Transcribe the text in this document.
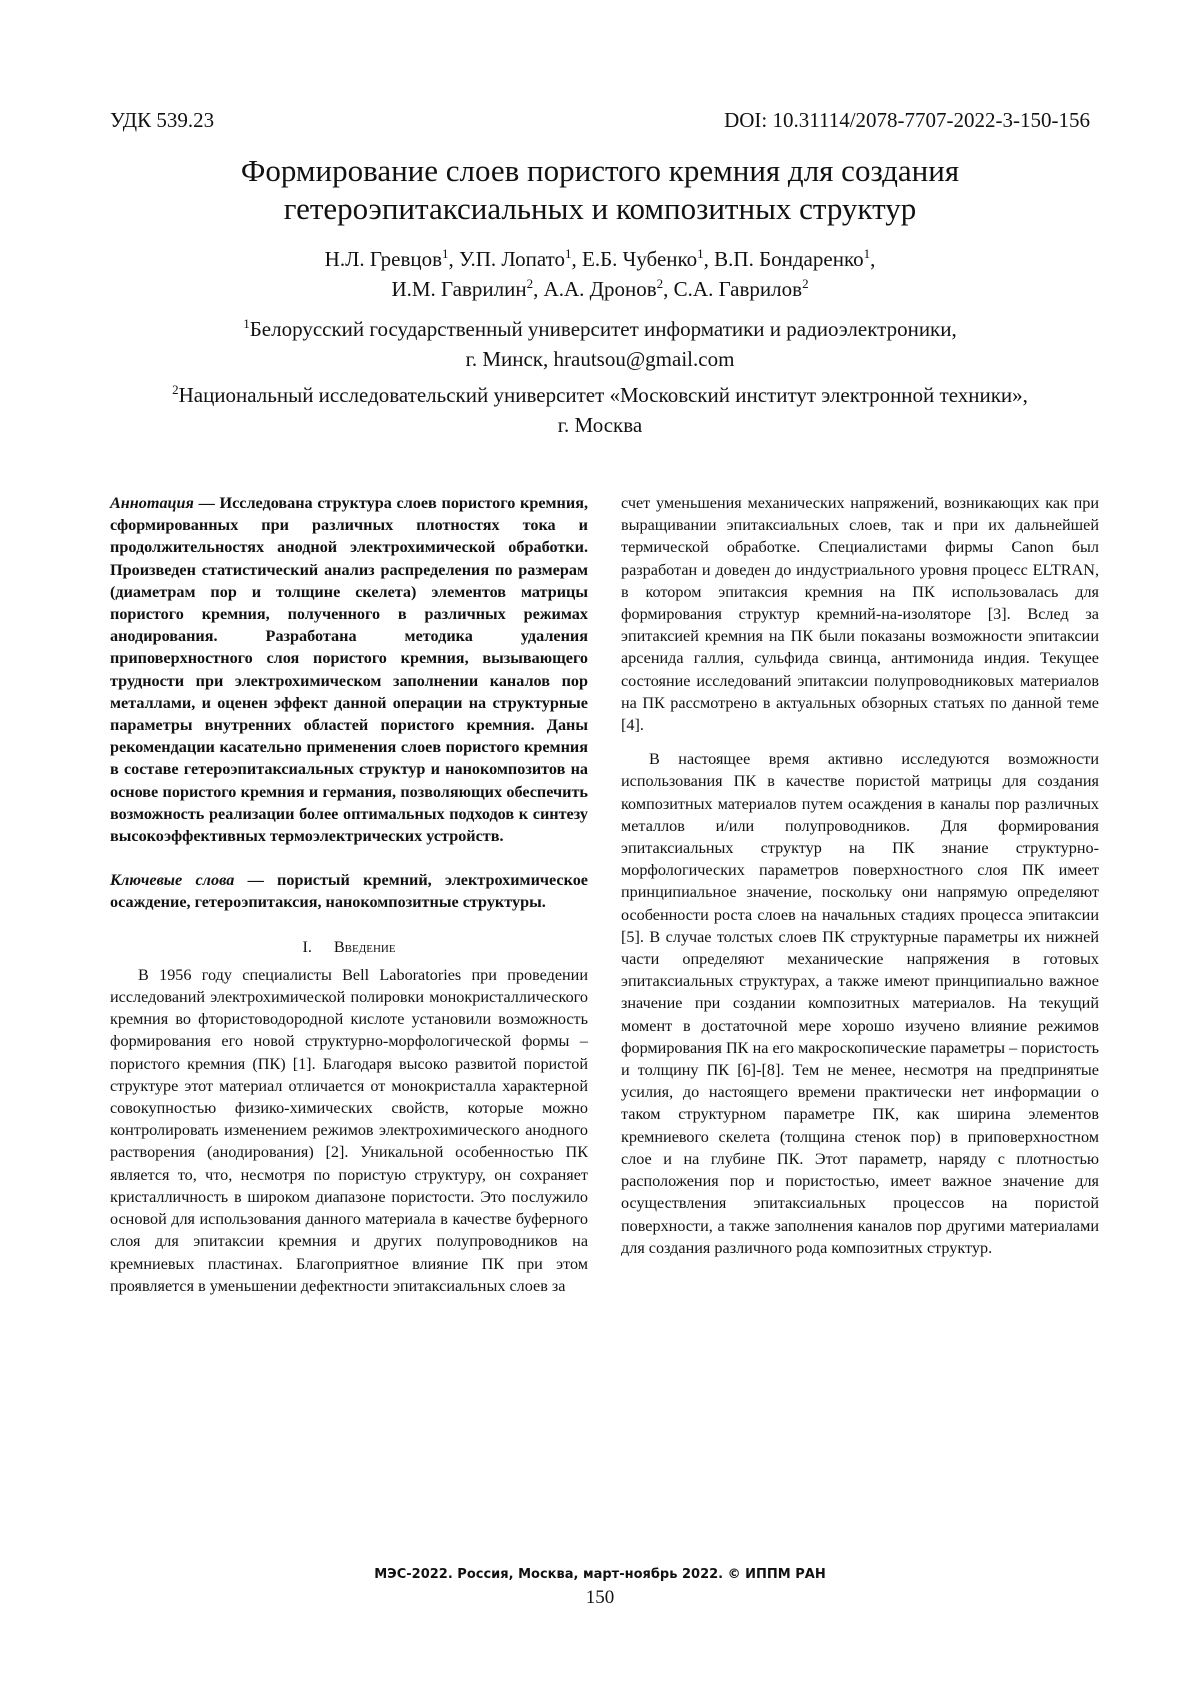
УДК 539.23	DOI: 10.31114/2078-7707-2022-3-150-156
Формирование слоев пористого кремния для создания
гетероэпитаксиальных и композитных структур
Н.Л. Гревцов$^1$, У.П. Лопато$^1$, Е.Б. Чубенко$^1$, В.П. Бондаренко$^1$,
И.М. Гаврилин$^2$, А.А. Дронов$^2$, С.А. Гаврилов$^2$
$^1$Белорусский государственный университет информатики и радиоэлектроники,
г. Минск, hrautsou@gmail.com
$^2$Национальный исследовательский университет «Московский институт электронной техники»,
г. Москва

Аннотация — Исследована структура слоев пористого кремния, сформированных при различных плотностях тока и продолжительностях анодной электрохимической обработки. Произведен статистический анализ распределения по размерам (диаметрам пор и толщине скелета) элементов матрицы пористого кремния, полученного в различных режимах анодирования. Разработана методика удаления приповерхностного слоя пористого кремния, вызывающего трудности при электрохимическом заполнении каналов пор металлами, и оценен эффект данной операции на структурные параметры внутренних областей пористого кремния. Даны рекомендации касательно применения слоев пористого кремния в составе гетероэпитаксиальных структур и нанокомпозитов на основе пористого кремния и германия, позволяющих обеспечить возможность реализации более оптимальных подходов к синтезу высокоэффективных термоэлектрических устройств.

Ключевые слова — пористый кремний, электрохимическое осаждение, гетероэпитаксия, нанокомпозитные структуры.

I. Введение

В 1956 году специалисты Bell Laboratories при проведении исследований электрохимической полировки монокристаллического кремния во фтористоводородной кислоте установили возможность формирования его новой структурно-морфологической формы – пористого кремния (ПК) [1]. Благодаря высоко развитой пористой структуре этот материал отличается от монокристалла характерной совокупностью физико-химических свойств, которые можно контролировать изменением режимов электрохимического анодного растворения (анодирования) [2]. Уникальной особенностью ПК является то, что, несмотря по пористую структуру, он сохраняет кристалличность в широком диапазоне пористости. Это послужило основой для использования данного материала в качестве буферного слоя для эпитаксии кремния и других полупроводников на кремниевых пластинах. Благоприятное влияние ПК при этом проявляется в уменьшении дефектности эпитаксиальных слоев за

счет уменьшения механических напряжений, возникающих как при выращивании эпитаксиальных слоев, так и при их дальнейшей термической обработке. Специалистами фирмы Canon был разработан и доведен до индустриального уровня процесс ELTRAN, в котором эпитаксия кремния на ПК использовалась для формирования структур кремний-на-изоляторе [3]. Вслед за эпитаксией кремния на ПК были показаны возможности эпитаксии арсенида галлия, сульфида свинца, антимонида индия. Текущее состояние исследований эпитаксии полупроводниковых материалов на ПК рассмотрено в актуальных обзорных статьях по данной теме [4].

В настоящее время активно исследуются возможности использования ПК в качестве пористой матрицы для создания композитных материалов путем осаждения в каналы пор различных металлов и/или полупроводников. Для формирования эпитаксиальных структур на ПК знание структурно-морфологических параметров поверхностного слоя ПК имеет принципиальное значение, поскольку они напрямую определяют особенности роста слоев на начальных стадиях процесса эпитаксии [5]. В случае толстых слоев ПК структурные параметры их нижней части определяют механические напряжения в готовых эпитаксиальных структурах, а также имеют принципиально важное значение при создании композитных материалов. На текущий момент в достаточной мере хорошо изучено влияние режимов формирования ПК на его макроскопические параметры – пористость и толщину ПК [6]-[8]. Тем не менее, несмотря на предпринятые усилия, до настоящего времени практически нет информации о таком структурном параметре ПК, как ширина элементов кремниевого скелета (толщина стенок пор) в приповерхностном слое и на глубине ПК. Этот параметр, наряду с плотностью расположения пор и пористостью, имеет важное значение для осуществления эпитаксиальных процессов на пористой поверхности, а также заполнения каналов пор другими материалами для создания различного рода композитных структур.

МЭС-2022. Россия, Москва, март-ноябрь 2022. © ИППМ РАН
150
